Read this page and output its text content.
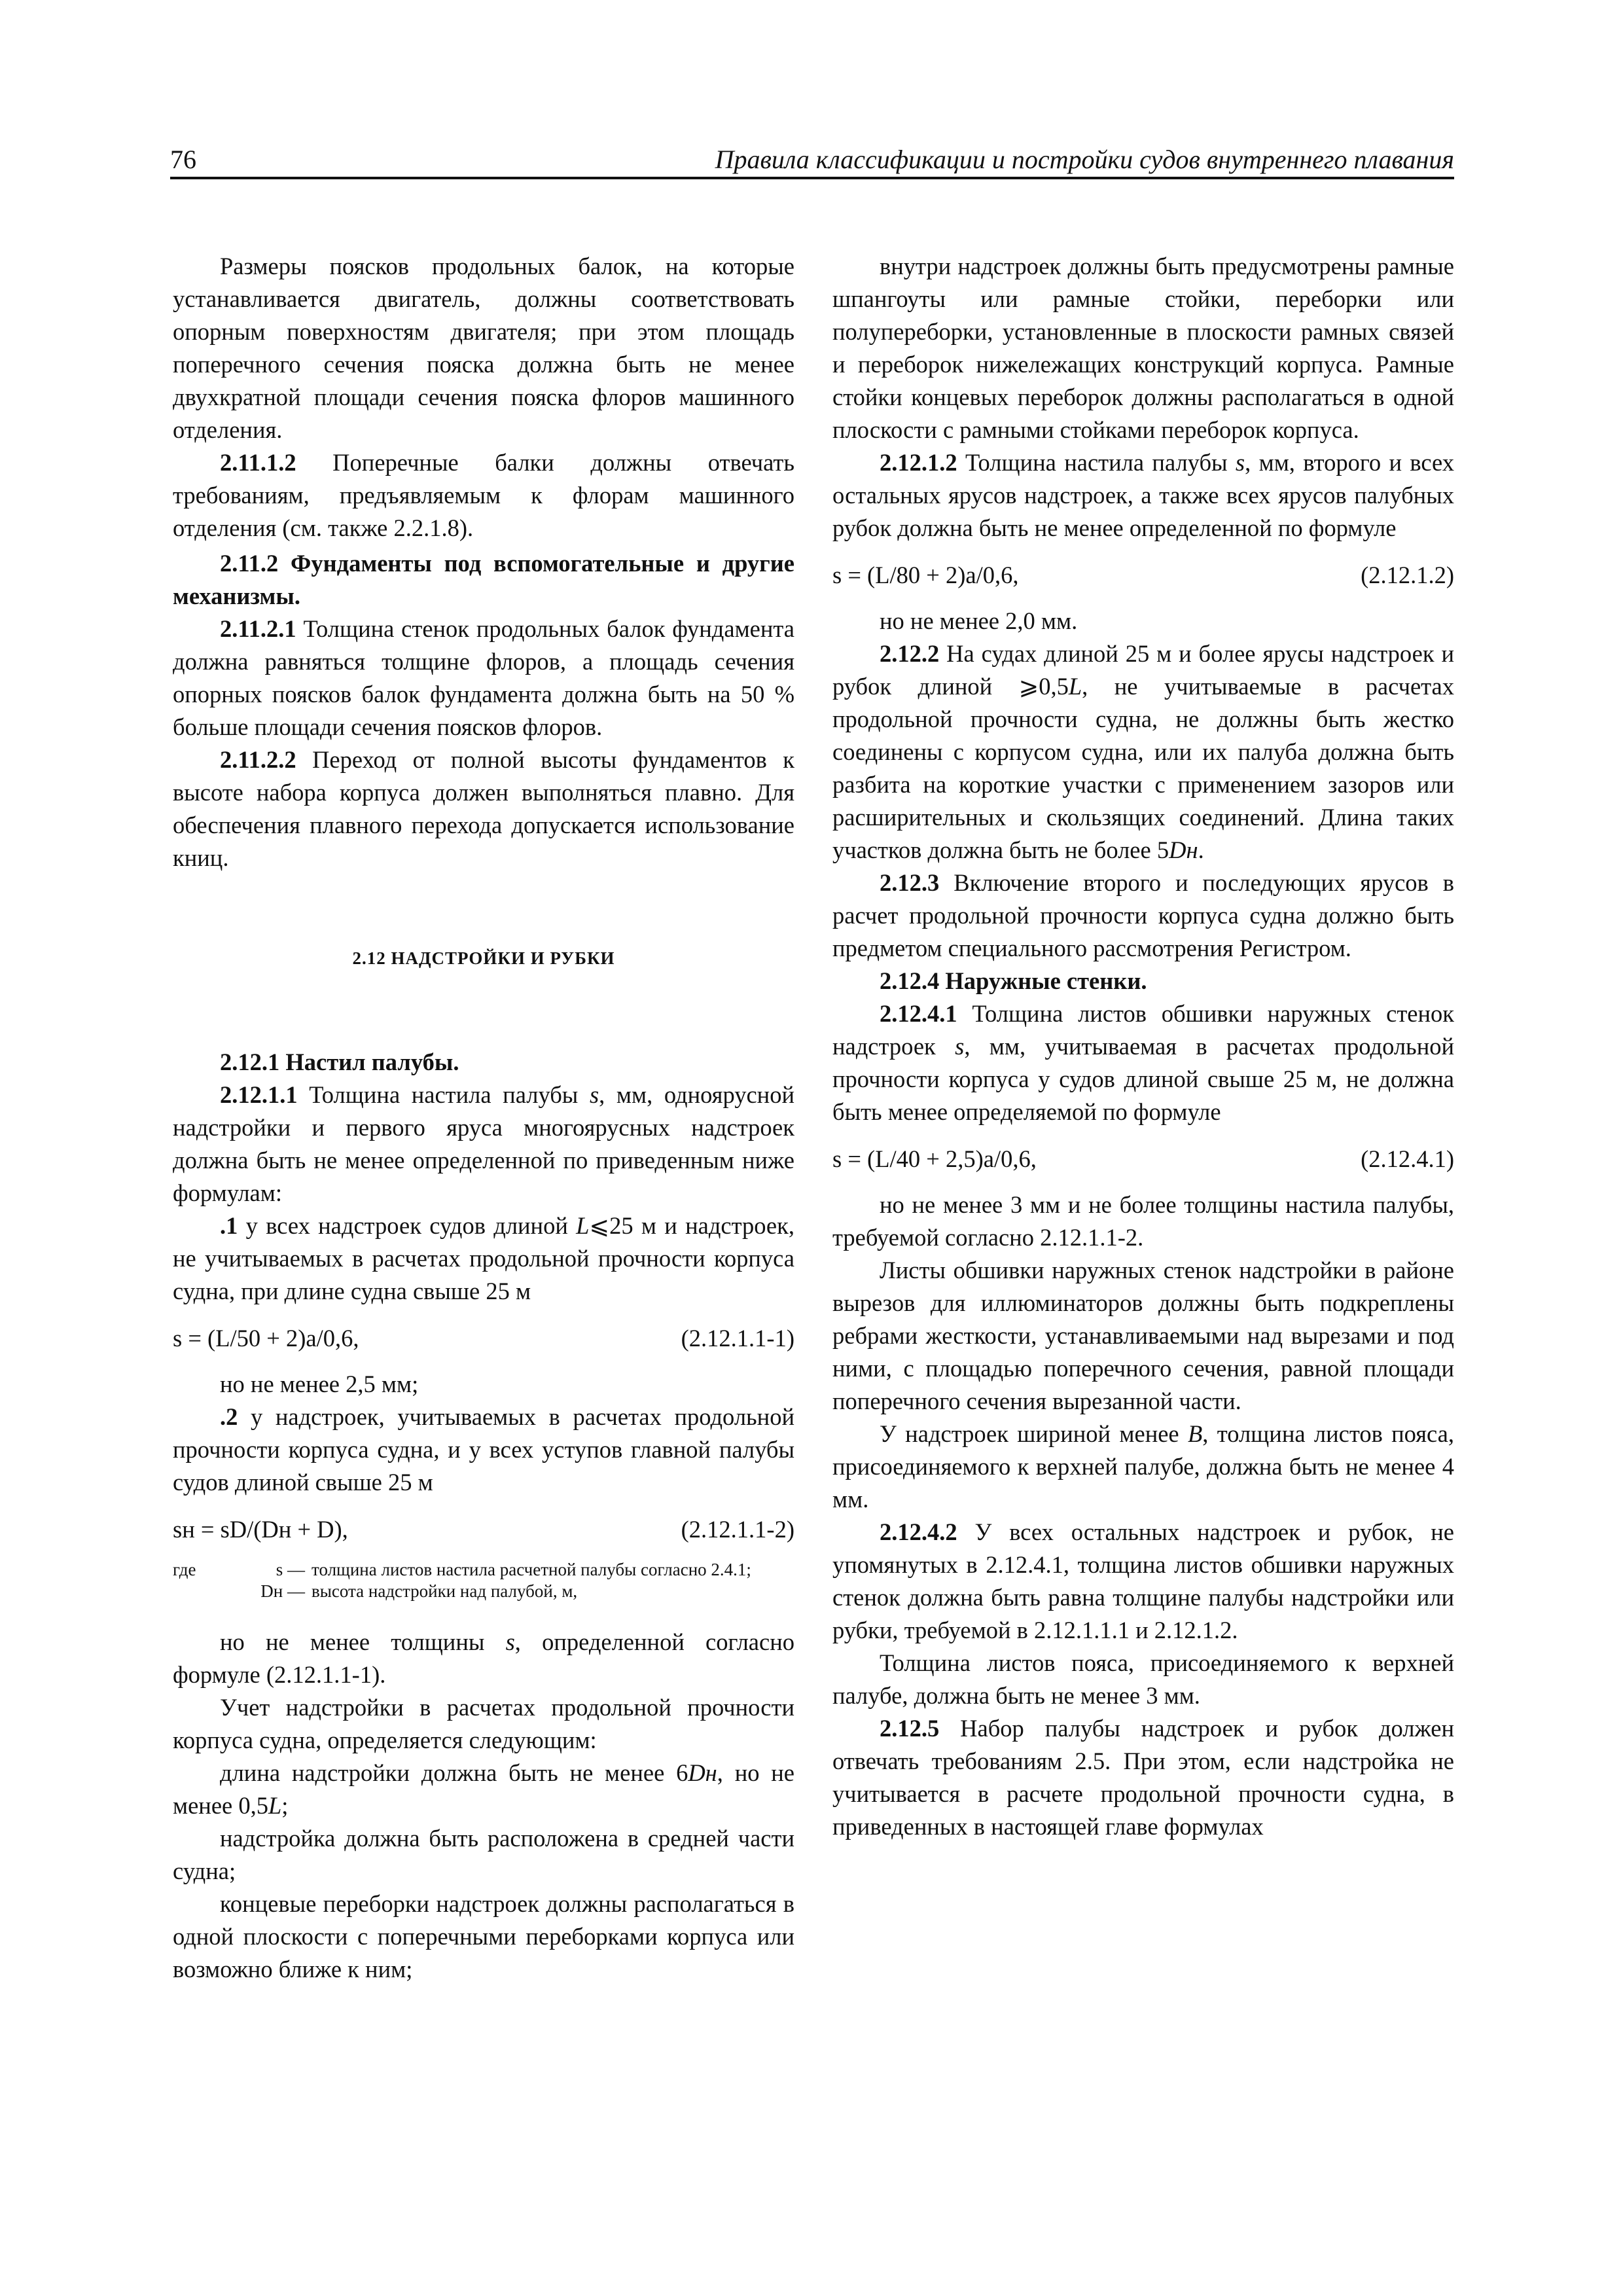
76	Правила классификации и постройки судов внутреннего плавания

Размеры поясков продольных балок, на которые устанавливается двигатель, должны соответствовать опорным поверхностям двигателя; при этом площадь поперечного сечения пояска должна быть не менее двухкратной площади сечения пояска флоров машинного отделения.

2.11.1.2 Поперечные балки должны отвечать требованиям, предъявляемым к флорам машинного отделения (см. также 2.2.1.8).

2.11.2 Фундаменты под вспомогательные и другие механизмы.

2.11.2.1 Толщина стенок продольных балок фундамента должна равняться толщине флоров, а площадь сечения опорных поясков балок фундамента должна быть на 50 % больше площади сечения поясков флоров.

2.11.2.2 Переход от полной высоты фундаментов к высоте набора корпуса должен выполняться плавно. Для обеспечения плавного перехода допускается использование книц.

2.12 НАДСТРОЙКИ И РУБКИ

2.12.1 Настил палубы.

2.12.1.1 Толщина настила палубы s, мм, одноярусной надстройки и первого яруса многоярусных надстроек должна быть не менее определенной по приведенным ниже формулам:

.1 у всех надстроек судов длиной L⩽25 м и надстроек, не учитываемых в расчетах продольной прочности корпуса судна, при длине судна свыше 25 м

s = (L/50 + 2)a/0,6,	(2.12.1.1-1)

но не менее 2,5 мм;

.2 у надстроек, учитываемых в расчетах продольной прочности корпуса судна, и у всех уступов главной палубы судов длиной свыше 25 м

sн = sD/(Dн + D),	(2.12.1.1-2)
где	s — толщина листов настила расчетной палубы согласно 2.4.1;
Dн — высота надстройки над палубой, м,

но не менее толщины s, определенной согласно формуле (2.12.1.1-1).

Учет надстройки в расчетах продольной прочности корпуса судна, определяется следующим:

длина надстройки должна быть не менее 6Dн, но не менее 0,5L;

надстройка должна быть расположена в средней части судна;

концевые переборки надстроек должны располагаться в одной плоскости с поперечными переборками корпуса или возможно ближе к ним;

внутри надстроек должны быть предусмотрены рамные шпангоуты или рамные стойки, переборки или полупереборки, установленные в плоскости рамных связей и переборок нижележащих конструкций корпуса. Рамные стойки концевых переборок должны располагаться в одной плоскости с рамными стойками переборок корпуса.

2.12.1.2 Толщина настила палубы s, мм, второго и всех остальных ярусов надстроек, а также всех ярусов палубных рубок должна быть не менее определенной по формуле

s = (L/80 + 2)a/0,6,	(2.12.1.2)

но не менее 2,0 мм.

2.12.2 На судах длиной 25 м и более ярусы надстроек и рубок длиной ⩾0,5L, не учитываемые в расчетах продольной прочности судна, не должны быть жестко соединены с корпусом судна, или их палуба должна быть разбита на короткие участки с применением зазоров или расширительных и скользящих соединений. Длина таких участков должна быть не более 5Dн.

2.12.3 Включение второго и последующих ярусов в расчет продольной прочности корпуса судна должно быть предметом специального рассмотрения Регистром.

2.12.4 Наружные стенки.

2.12.4.1 Толщина листов обшивки наружных стенок надстроек s, мм, учитываемая в расчетах продольной прочности корпуса у судов длиной свыше 25 м, не должна быть менее определяемой по формуле

s = (L/40 + 2,5)a/0,6,	(2.12.4.1)

но не менее 3 мм и не более толщины настила палубы, требуемой согласно 2.12.1.1-2.

Листы обшивки наружных стенок надстройки в районе вырезов для иллюминаторов должны быть подкреплены ребрами жесткости, устанавливаемыми над вырезами и под ними, с площадью поперечного сечения, равной площади поперечного сечения вырезанной части.

У надстроек шириной менее B, толщина листов пояса, присоединяемого к верхней палубе, должна быть не менее 4 мм.

2.12.4.2 У всех остальных надстроек и рубок, не упомянутых в 2.12.4.1, толщина листов обшивки наружных стенок должна быть равна толщине палубы надстройки или рубки, требуемой в 2.12.1.1.1 и 2.12.1.2.

Толщина листов пояса, присоединяемого к верхней палубе, должна быть не менее 3 мм.

2.12.5 Набор палубы надстроек и рубок должен отвечать требованиям 2.5. При этом, если надстройка не учитывается в расчете продольной прочности судна, в приведенных в настоящей главе формулах
